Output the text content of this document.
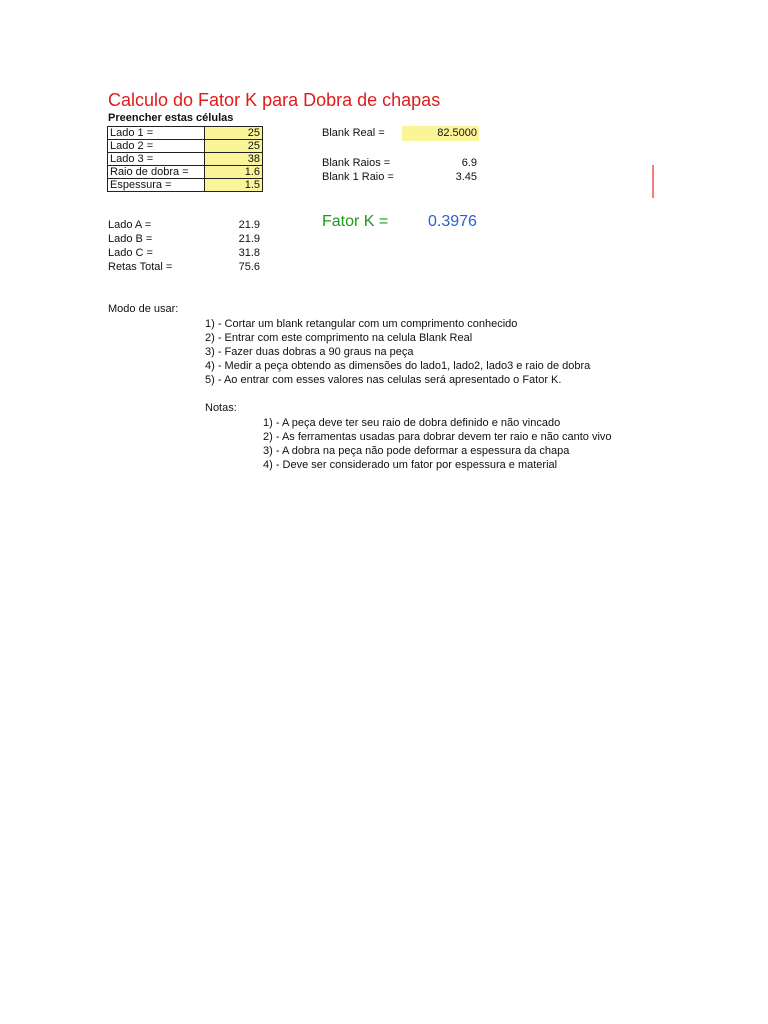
Calculo do Fator K para Dobra de chapas
Preencher estas células
Lado 1 =	25
Lado 2 =	25
Lado 3 =	38
Raio de dobra =	1.6
Espessura =	1.5
Blank Real =	82.5000
Blank Raios =	6.9
Blank 1 Raio =	3.45
Fator K = 0.3976
Lado A =	21.9
Lado B =	21.9
Lado C =	31.8
Retas Total =	75.6
Modo de usar:
1) - Cortar um blank retangular com um comprimento conhecido
2) - Entrar com este comprimento na celula Blank Real
3) - Fazer duas dobras a 90 graus na peça
4) - Medir a peça obtendo as dimensões do lado1, lado2, lado3 e raio de dobra
5) - Ao entrar com esses valores nas celulas será apresentado o Fator K.
Notas:
1) - A peça deve ter seu raio de dobra definido e não vincado
2) - As ferramentas usadas para dobrar devem ter raio e não canto vivo
3) - A dobra na peça não pode deformar a espessura da chapa
4) - Deve ser considerado um fator por espessura e material
